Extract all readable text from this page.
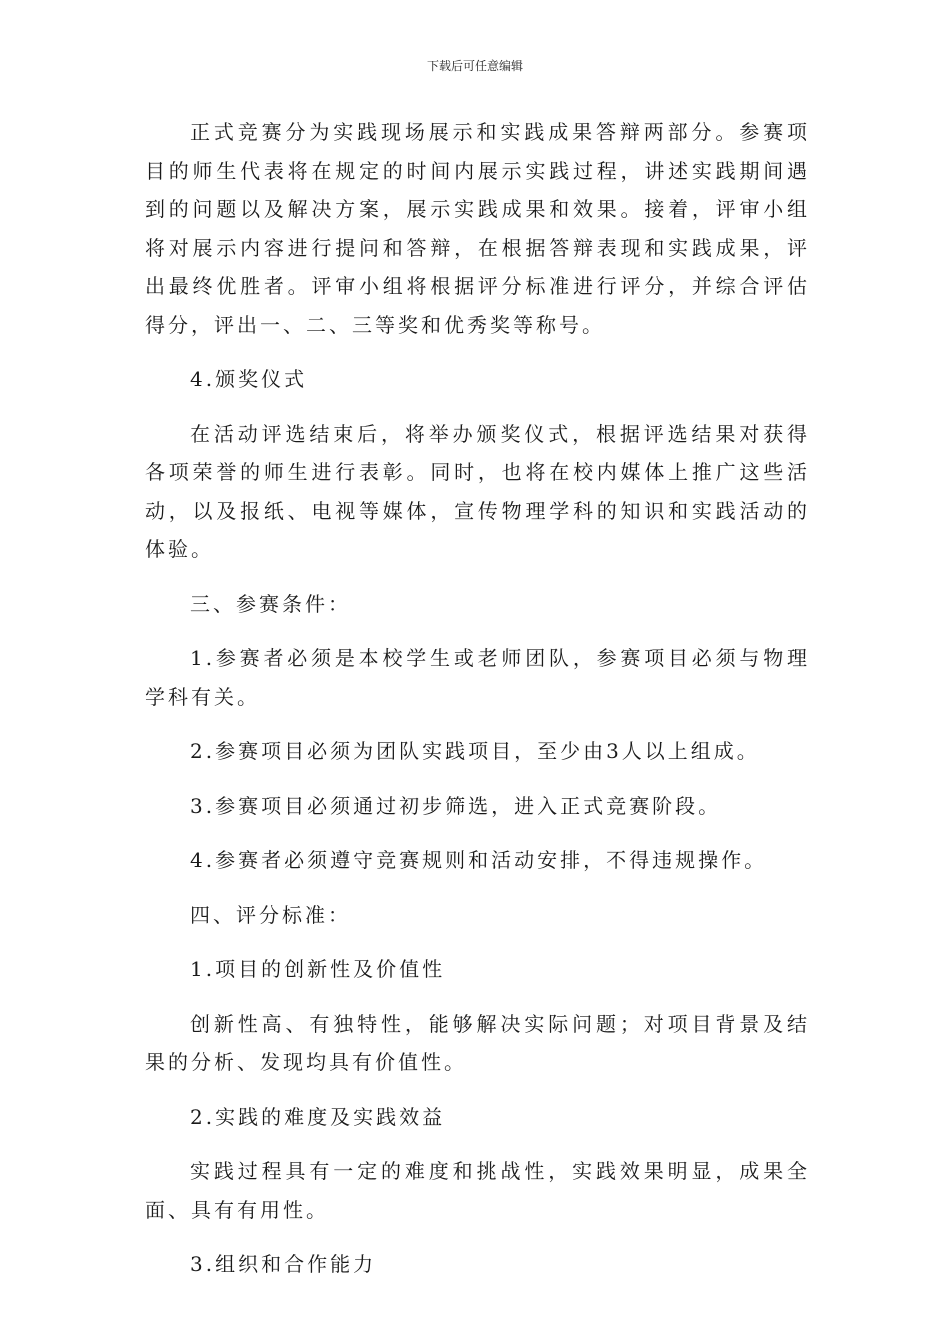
下载后可任意编辑

正式竞赛分为实践现场展示和实践成果答辩两部分。参赛项目的师生代表将在规定的时间内展示实践过程，讲述实践期间遇到的问题以及解决方案，展示实践成果和效果。接着，评审小组将对展示内容进行提问和答辩，在根据答辩表现和实践成果，评出最终优胜者。评审小组将根据评分标准进行评分，并综合评估得分，评出一、二、三等奖和优秀奖等称号。

4.颁奖仪式

在活动评选结束后，将举办颁奖仪式，根据评选结果对获得各项荣誉的师生进行表彰。同时，也将在校内媒体上推广这些活动，以及报纸、电视等媒体，宣传物理学科的知识和实践活动的体验。

三、参赛条件：

1.参赛者必须是本校学生或老师团队，参赛项目必须与物理学科有关。

2.参赛项目必须为团队实践项目，至少由3人以上组成。

3.参赛项目必须通过初步筛选，进入正式竞赛阶段。

4.参赛者必须遵守竞赛规则和活动安排，不得违规操作。

四、评分标准：

1.项目的创新性及价值性

创新性高、有独特性，能够解决实际问题；对项目背景及结果的分析、发现均具有价值性。

2.实践的难度及实践效益

实践过程具有一定的难度和挑战性，实践效果明显，成果全面、具有有用性。

3.组织和合作能力
